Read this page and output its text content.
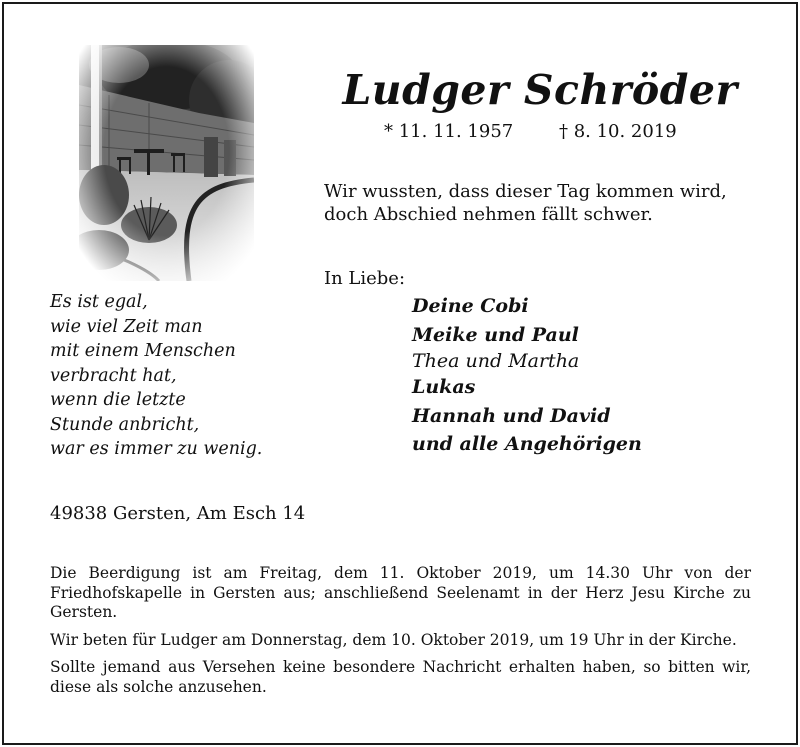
Ludger Schröder
* 11. 11. 1957	† 8. 10. 2019
Wir wussten, dass dieser Tag kommen wird,
doch Abschied nehmen fällt schwer.
In Liebe:
Deine Cobi
Meike und Paul
Thea und Martha
Lukas
Hannah und David
und alle Angehörigen
Es ist egal,
wie viel Zeit man
mit einem Menschen
verbracht hat,
wenn die letzte
Stunde anbricht,
war es immer zu wenig.
49838 Gersten, Am Esch 14

Die Beerdigung ist am Freitag, dem 11. Oktober 2019, um 14.30 Uhr von der Friedhofskapelle in Gersten aus; anschließend Seelenamt in der Herz Jesu Kirche zu Gersten.

Wir beten für Ludger am Donnerstag, dem 10. Oktober 2019, um 19 Uhr in der Kirche.

Sollte jemand aus Versehen keine besondere Nachricht erhalten haben, so bitten wir, diese als solche anzusehen.
